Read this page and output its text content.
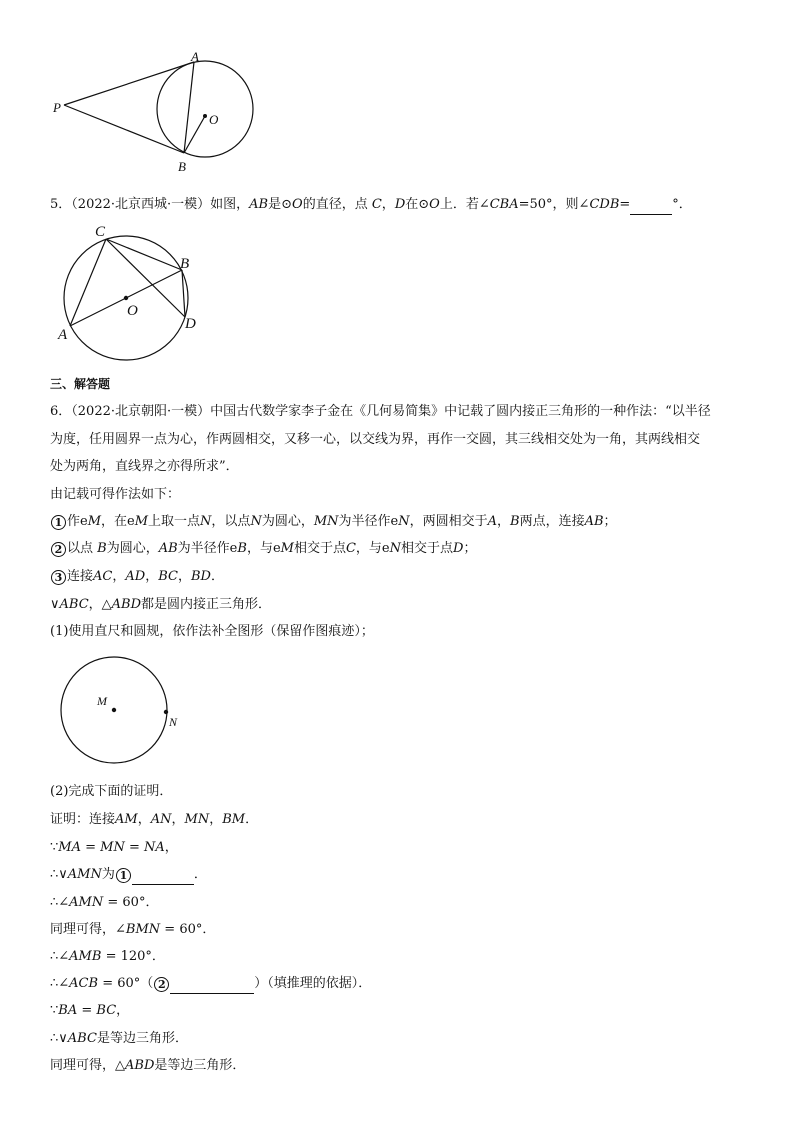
A
P
B
O
5．（2022·北京西城·一模）如图，AB是⊙O的直径，点 C，D在⊙O上．若∠CBA=50°，则∠CDB=	°．
C
B
O
A
D
三、解答题
6．（2022·北京朝阳·一模）中国古代数学家李子金在《几何易简集》中记载了圆内接正三角形的一种作法：“以半径
为度，任用圆界一点为心，作两圆相交，又移一心，以交线为界，再作一交圆，其三线相交处为一角，其两线相交
处为两角，直线界之亦得所求”．
由记载可得作法如下：
1 作eM，在eM上取一点N，以点N为圆心，MN为半径作eN，两圆相交于A，B两点，连接AB；
2 以点 B为圆心，AB为半径作eB，与eM相交于点C，与eN相交于点D；
3 连接AC，AD，BC，BD．
∨ABC，△ABD都是圆内接正三角形．
(1)使用直尺和圆规，依作法补全图形（保留作图痕迹）；
M
N
(2)完成下面的证明．
证明：连接AM，AN，MN，BM．
∵MA = MN = NA，
∴∨AMN为 1	．
∴∠AMN = 60°．
同理可得，∠BMN = 60°．
∴∠AMB = 120°．
∴∠ACB = 60°（ 2	）（填推理的依据）．
∵BA = BC，
∴∨ABC是等边三角形．
同理可得，△ABD是等边三角形．
